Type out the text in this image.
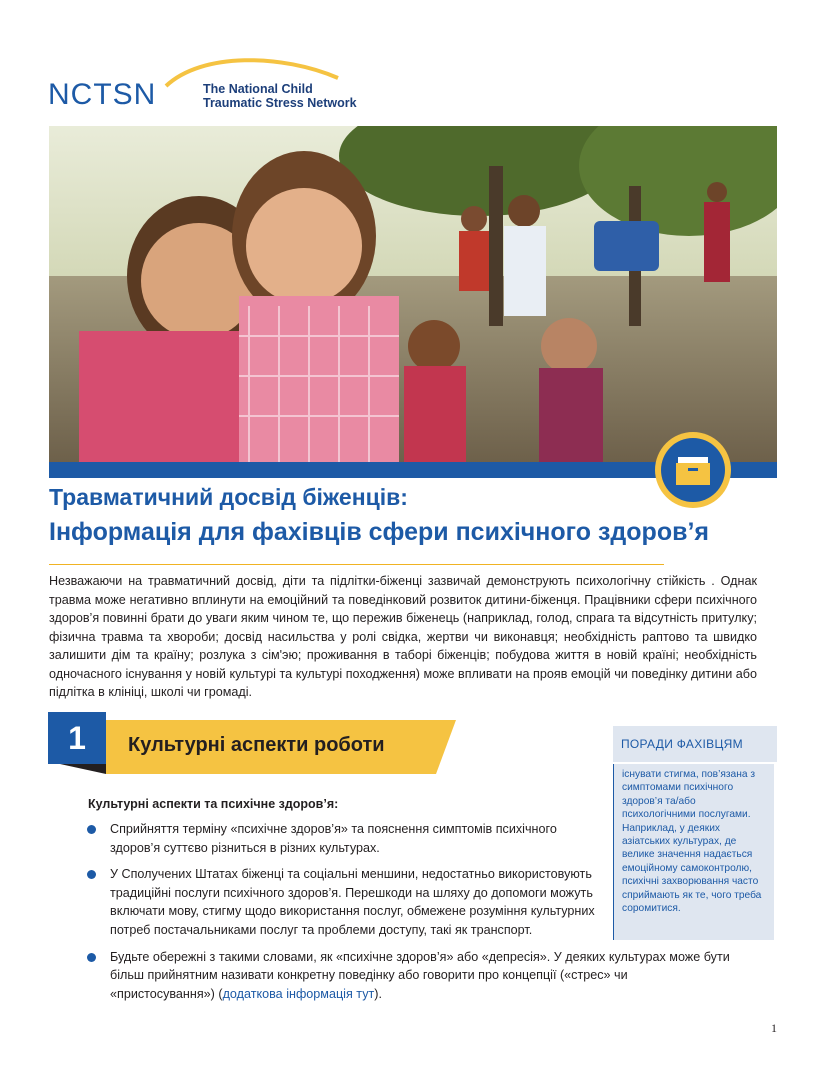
NCTSN	The National Child
Traumatic Stress Network
Травматичний досвід біженців:
Інформація для фахівців сфери психічного здоров’я
Незважаючи на травматичний досвід, діти та підлітки-біженці зазвичай демонструють психологічну стійкість . Однак травма може негативно вплинути на емоційний та поведінковий розвиток дитини-біженця. Працівники сфери психічного здоров’я повинні брати до уваги яким чином те, що пережив біженець (наприклад, голод, спрага та відсутність притулку; фізична травма та хвороби; досвід насильства у ролі свідка, жертви чи виконавця; необхідність раптово та швидко залишити дім та країну; розлука з сім'эю; проживання в таборі біженців; побудова життя в новій країні; необхідність одночасного існування у новій культурі та культурі походження) може впливати на прояв емоцій чи поведінку дитини або підлітка в клініці, школі чи громаді.
1	Культурні аспекти роботи
Культурні аспекти та психічне здоров’я:
Сприйняття терміну «психічне здоров’я» та пояснення симптомів психічного здоров’я суттєво різниться в різних культурах.
У Сполучених Штатах біженці та соціальні меншини, недостатньо використовують традиційні послуги психічного здоров’я. Перешкоди на шляху до допомоги можуть включати мову, стигму щодо використання послуг, обмежене розуміння культурних потреб постачальниками послуг та проблеми доступу, такі як транспорт.
Будьте обережні з такими словами, як «психічне здоров’я» або «депресія». У деяких культурах може бути більш прийнятним називати конкретну поведінку або говорити про концепції («стрес» чи «пристосування») (додаткова інформація тут).
ПОРАДИ ФАХІВЦЯМ
існувати стигма, пов’язана з симптомами психічного здоров’я та/або психологічними послугами. Наприклад, у деяких азіатських культурах, де велике значення надається емоційному самоконтролю, психічні захворювання часто сприймають як те, чого треба соромитися.
1
